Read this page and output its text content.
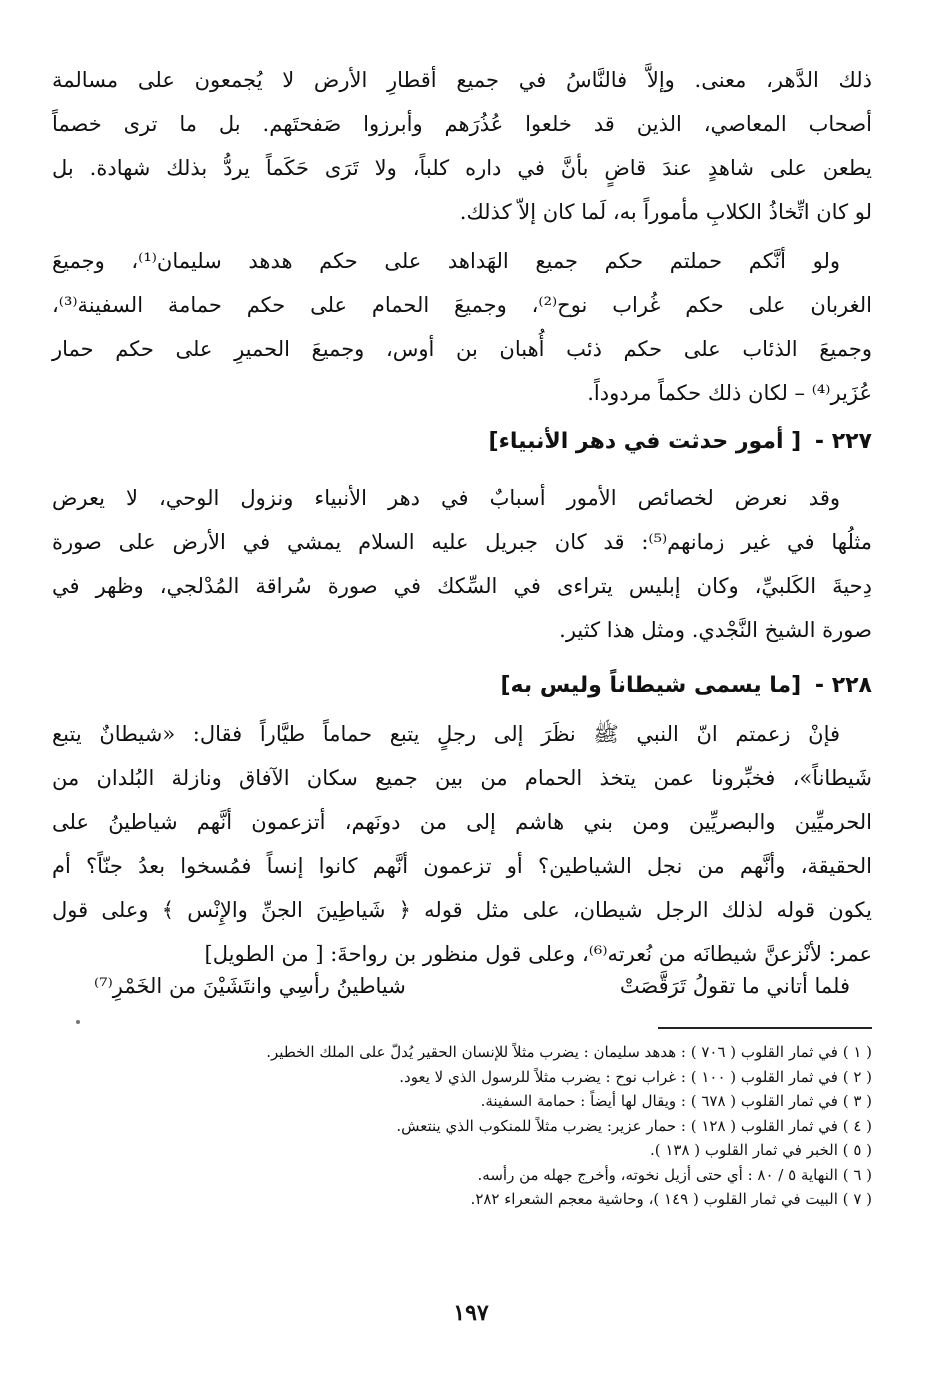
ذلك الدَّهر، معنى. وإلاَّ فالنَّاسُ في جميع أقطارِ الأرض لا يُجمعون على مسالمة
أصحاب المعاصي، الذين قد خلعوا عُذُرَهم وأبرزوا صَفحتَهم. بل ما ترى خصماً
يطعن على شاهدٍ عندَ قاضٍ بأنَّ في داره كلباً، ولا تَرَى حَكَماً يردُّ بذلك شهادة. بل
لو كان اتِّخاذُ الكلابِ مأموراً به، لَما كان إلاّ كذلك.
ولو أنَّكم حملتم حكم جميع الهَداهد على حكم هدهد سليمان⁽¹⁾، وجميعَ
الغربان على حكم غُراب نوح⁽²⁾، وجميعَ الحمام على حكم حمامة السفينة⁽³⁾،
وجميعَ الذئاب على حكم ذئب أُهبان بن أوس، وجميعَ الحميرِ على حكم حمار
عُزَير⁽⁴⁾ – لكان ذلك حكماً مردوداً.
٢٢٧ - [ أمور حدثت في دهر الأنبياء]
وقد نعرض لخصائص الأمور أسبابٌ في دهر الأنبياء ونزول الوحي، لا يعرض
مثلُها في غير زمانهم⁽⁵⁾: قد كان جبريل عليه السلام يمشي في الأرض على صورة
دِحيةَ الكَلبيِّ، وكان إبليس يتراءى في السِّكك في صورة سُراقة المُدْلجي، وظهر في
صورة الشيخ النَّجْدي. ومثل هذا كثير.
٢٢٨ - [ما يسمى شيطاناً وليس به]
فإنْ زعمتم انّ النبي ﷺ نظَرَ إلى رجلٍ يتبع حماماً طيَّاراً فقال: «شيطانٌ يتبع
شَيطاناً»، فخبِّرونا عمن يتخذ الحمام من بين جميع سكان الآفاق ونازلة البُلدان من
الحرميِّين والبصريِّين ومن بني هاشم إلى من دونَهم، أتزعمون أنَّهم شياطينُ على
الحقيقة، وأنَّهم من نجل الشياطين؟ أو تزعمون أنَّهم كانوا إنساً فمُسخوا بعدُ جنّاً؟ أم
يكون قوله لذلك الرجل شيطان، على مثل قوله ﴿ شَياطِينَ الجنِّ والإِنْس ﴾ وعلى قول
عمر: لأنْزعنَّ شيطانَه من نُعرته⁽⁶⁾، وعلى قول منظور بن رواحةَ: [ من الطويل]
فلما أتاني ما تقولُ تَرَقَّصَتْ
شياطينُ رأسِي وانتَشَيْنَ من الخَمْرِ⁽⁷⁾
( ١ ) في ثمار القلوب ( ٧٠٦ ) : هدهد سليمان : يضرب مثلاً للإنسان الحقير يُدلّ على الملك الخطير.
( ٢ ) في ثمار القلوب ( ١٠٠ ) : غراب نوح : يضرب مثلاً للرسول الذي لا يعود.
( ٣ ) في ثمار القلوب ( ٦٧٨ ) : ويقال لها أيضاً : حمامة السفينة.
( ٤ ) في ثمار القلوب ( ١٢٨ ) : حمار عزير: يضرب مثلاً للمنكوب الذي ينتعش.
( ٥ ) الخبر في ثمار القلوب ( ١٣٨ ).
( ٦ ) النهاية ٥ / ٨٠ : أي حتى أزيل نخوته، وأخرج جهله من رأسه.
( ٧ ) البيت في ثمار القلوب ( ١٤٩ )، وحاشية معجم الشعراء ٢٨٢.
١٩٧
